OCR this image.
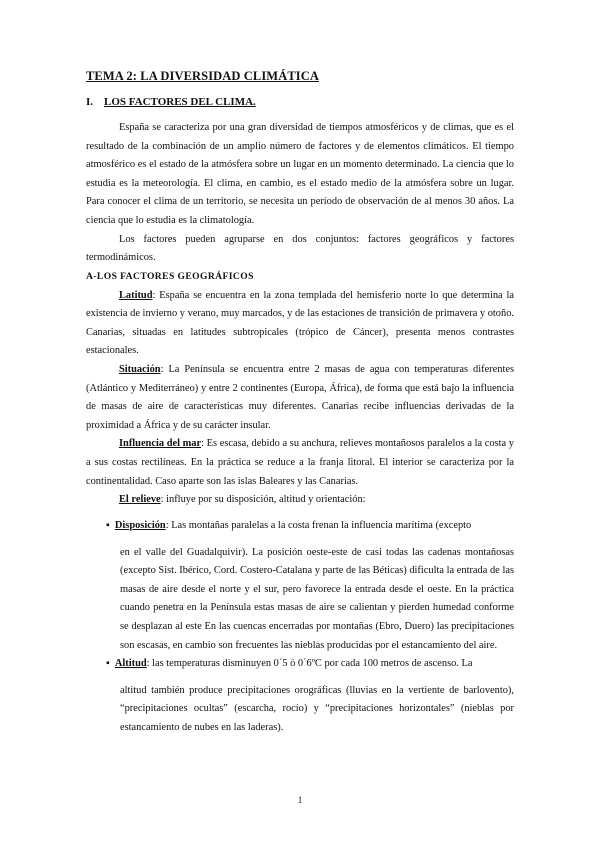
TEMA 2: LA DIVERSIDAD CLIMÁTICA
I. LOS FACTORES DEL CLIMA.

España se caracteriza por una gran diversidad de tiempos atmosféricos y de climas, que es el resultado de la combinación de un amplio número de factores y de elementos climáticos. El tiempo atmosférico es el estado de la atmósfera sobre un lugar en un momento determinado. La ciencia que lo estudia es la meteorología. El clima, en cambio, es el estado medio de la atmósfera sobre un lugar. Para conocer el clima de un territorio, se necesita un período de observación de al menos 30 años. La ciencia que lo estudia es la climatología.

Los factores pueden agruparse en dos conjuntos: factores geográficos y factores termodinámicos.

A-LOS FACTORES GEOGRÁFICOS

Latitud: España se encuentra en la zona templada del hemisferio norte lo que determina la existencia de invierno y verano, muy marcados, y de las estaciones de transición de primavera y otoño. Canarias, situadas en latitudes subtropicales (trópico de Cáncer), presenta menos contrastes estacionales.

Situación: La Península se encuentra entre 2 masas de agua con temperaturas diferentes (Atlántico y Mediterráneo) y entre 2 continentes (Europa, África), de forma que está bajo la influencia de masas de aire de características muy diferentes. Canarias recibe influencias derivadas de la proximidad a África y de su carácter insular.

Influencia del mar: Es escasa, debido a su anchura, relieves montañosos paralelos a la costa y a sus costas rectilíneas. En la práctica se reduce a la franja litoral. El interior se caracteriza por la continentalidad. Caso aparte son las islas Baleares y las Canarias.

El relieve: influye por su disposición, altitud y orientación:

▪ Disposición: Las montañas paralelas a la costa frenan la influencia marítima (excepto

en el valle del Guadalquivir). La posición oeste-este de casi todas las cadenas montañosas (excepto Sist. Ibérico, Cord. Costero-Catalana y parte de las Béticas) dificulta la entrada de las masas de aire desde el norte y el sur, pero favorece la entrada desde el oeste. En la práctica cuando penetra en la Península estas masas de aire se calientan y pierden humedad conforme se desplazan al este En las cuencas encerradas por montañas (Ebro, Duero) las precipitaciones son escasas, en cambio son frecuentes las nieblas producidas por el estancamiento del aire.

▪ Altitud: las temperaturas disminuyen 0´5 ó 0´6ºC por cada 100 metros de ascenso. La

altitud también produce precipitaciones orográficas (lluvias en la vertiente de barlovento), “precipitaciones ocultas” (escarcha, rocío) y “precipitaciones horizontales” (nieblas por estancamiento de nubes en las laderas).

1
